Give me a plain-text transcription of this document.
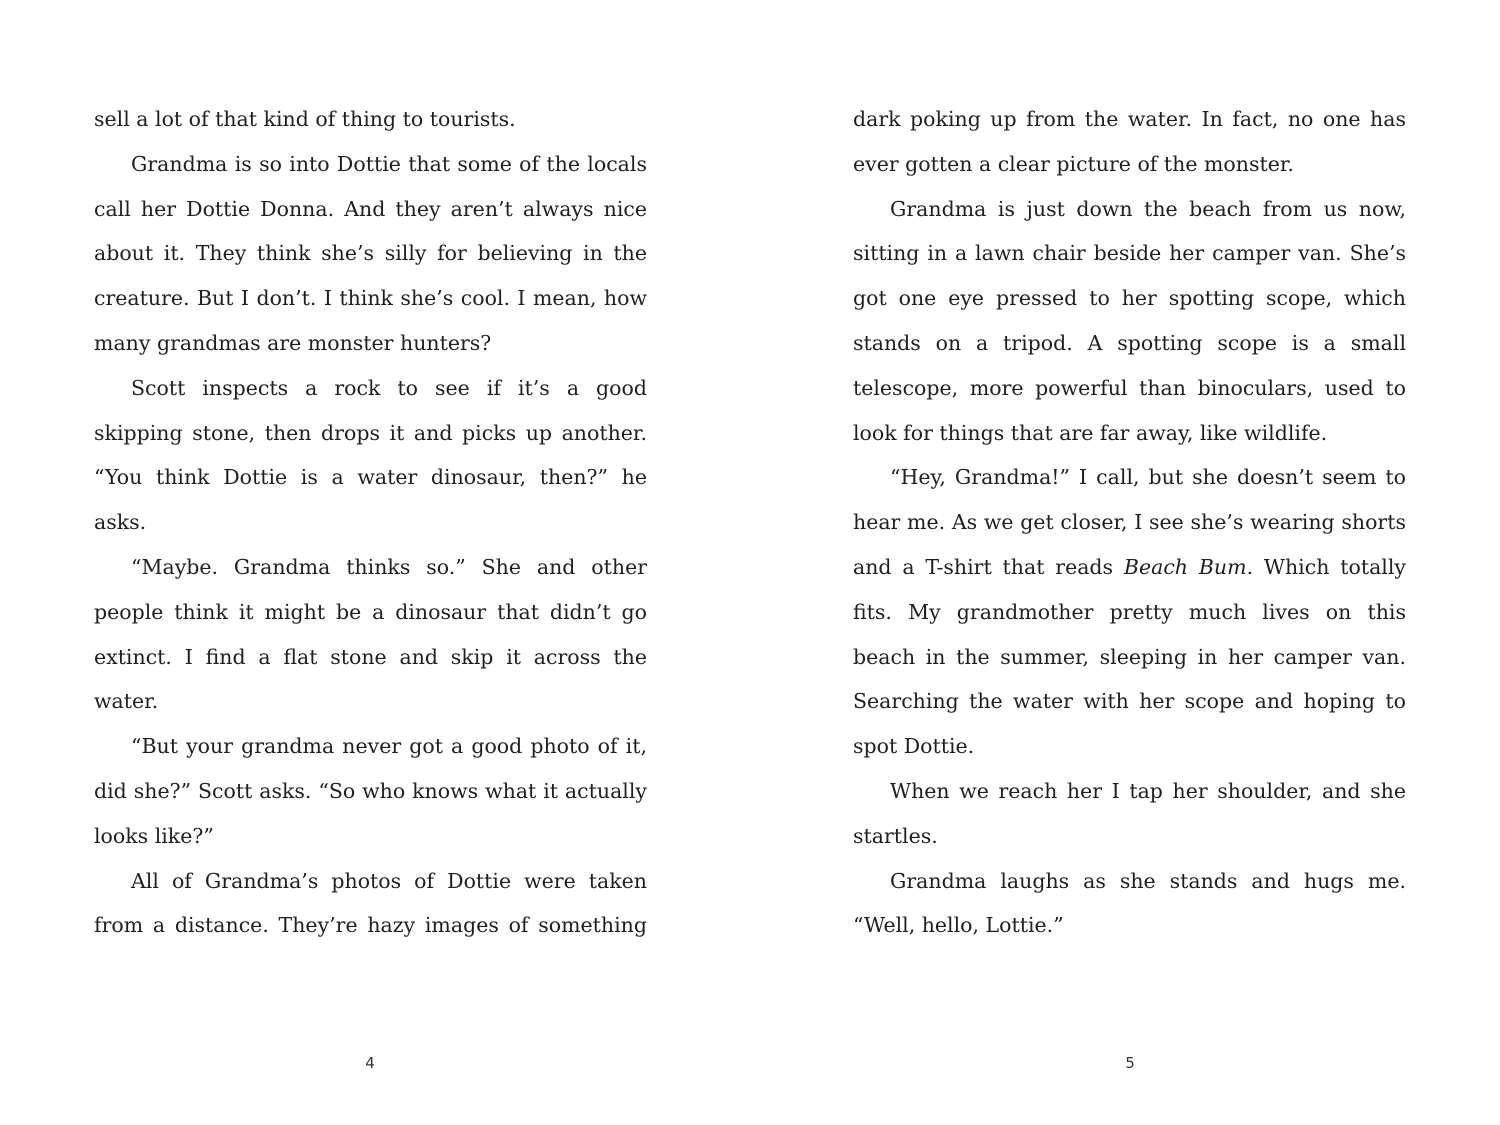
sell a lot of that kind of thing to tourists.

Grandma is so into Dottie that some of the locals call her Dottie Donna. And they aren’t always nice about it. They think she’s silly for believing in the creature. But I don’t. I think she’s cool. I mean, how many grandmas are monster hunters?

Scott inspects a rock to see if it’s a good skipping stone, then drops it and picks up another. “You think Dottie is a water dinosaur, then?” he asks.

“Maybe. Grandma thinks so.” She and other people think it might be a dinosaur that didn’t go extinct. I find a flat stone and skip it across the water.

“But your grandma never got a good photo of it, did she?” Scott asks. “So who knows what it actually looks like?”

All of Grandma’s photos of Dottie were taken from a distance. They’re hazy images of something

4

dark poking up from the water. In fact, no one has ever gotten a clear picture of the monster.

Grandma is just down the beach from us now, sitting in a lawn chair beside her camper van. She’s got one eye pressed to her spotting scope, which stands on a tripod. A spotting scope is a small telescope, more powerful than binoculars, used to look for things that are far away, like wildlife.

“Hey, Grandma!” I call, but she doesn’t seem to hear me. As we get closer, I see she’s wearing shorts and a T-shirt that reads Beach Bum. Which totally fits. My grandmother pretty much lives on this beach in the summer, sleeping in her camper van. Searching the water with her scope and hoping to spot Dottie.

When we reach her I tap her shoulder, and she startles.

Grandma laughs as she stands and hugs me. “Well, hello, Lottie.”

5
